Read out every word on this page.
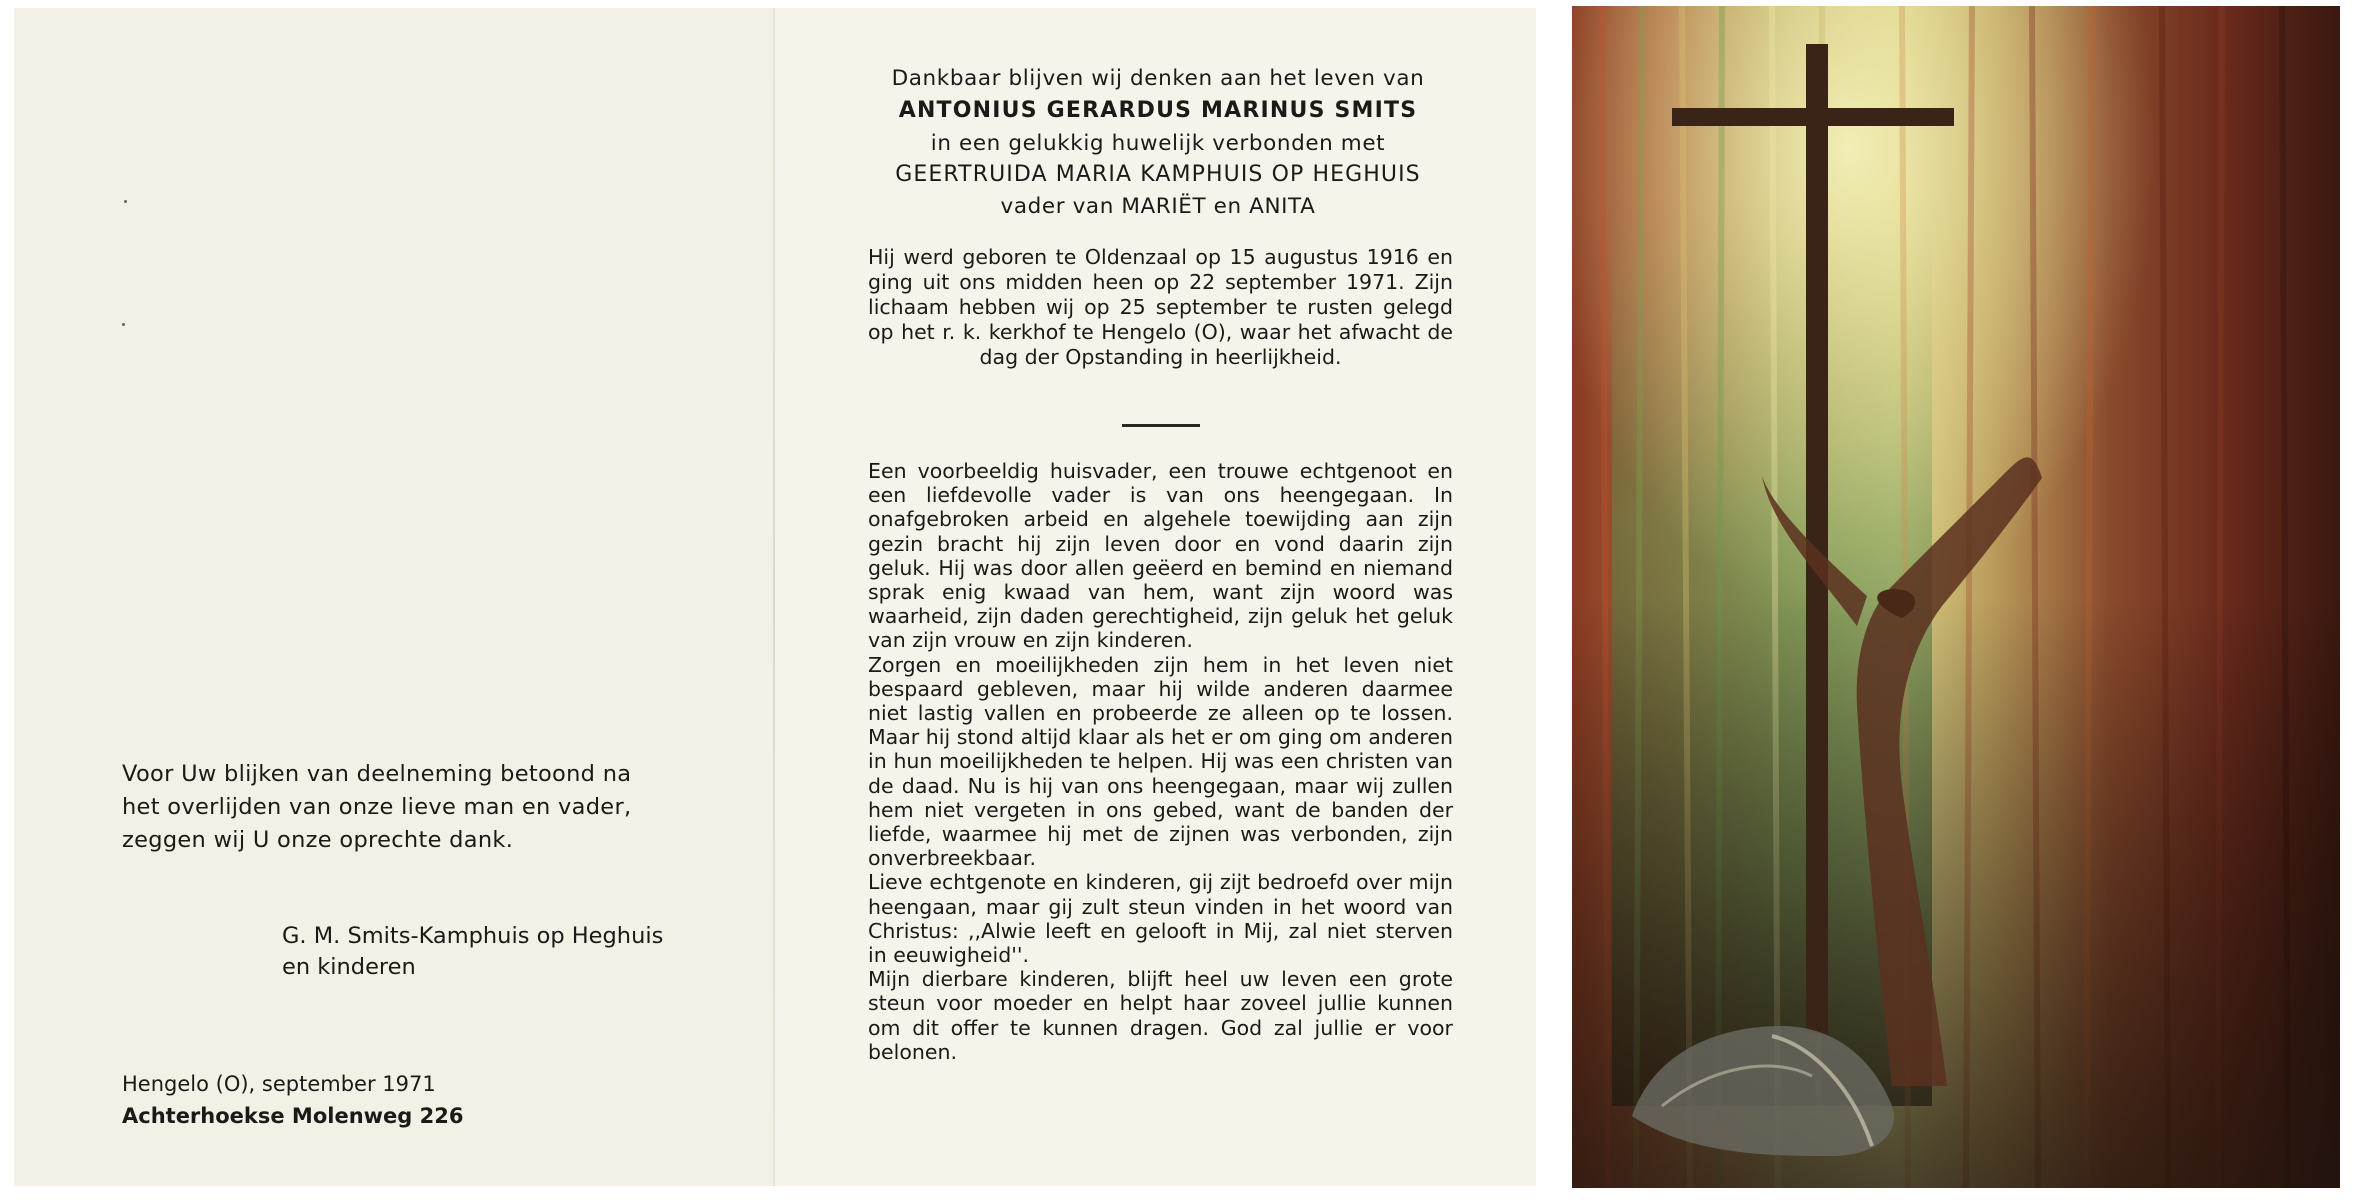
Voor Uw blijken van deelneming betoond na
het overlijden van onze lieve man en vader,
zeggen wij U onze oprechte dank.
G. M. Smits-Kamphuis op Heghuis
en kinderen
Hengelo (O), september 1971
Achterhoekse Molenweg 226
Dankbaar blijven wij denken aan het leven van
ANTONIUS GERARDUS MARINUS SMITS
in een gelukkig huwelijk verbonden met
GEERTRUIDA MARIA KAMPHUIS OP HEGHUIS
vader van MARIËT en ANITA
Hij werd geboren te Oldenzaal op 15 augustus 1916 en ging uit ons midden heen op 22 september 1971. Zijn lichaam hebben wij op 25 september te rusten gelegd op het r. k. kerkhof te Hengelo (O), waar het afwacht de dag der Opstanding in heerlijkheid.

Een voorbeeldig huisvader, een trouwe echtgenoot en een liefdevolle vader is van ons heengegaan. In onafgebroken arbeid en algehele toewijding aan zijn gezin bracht hij zijn leven door en vond daarin zijn geluk. Hij was door allen geëerd en bemind en niemand sprak enig kwaad van hem, want zijn woord was waarheid, zijn daden gerechtigheid, zijn geluk het geluk van zijn vrouw en zijn kinderen.

Zorgen en moeilijkheden zijn hem in het leven niet bespaard gebleven, maar hij wilde anderen daarmee niet lastig vallen en probeerde ze alleen op te lossen. Maar hij stond altijd klaar als het er om ging om anderen in hun moeilijkheden te helpen. Hij was een christen van de daad. Nu is hij van ons heengegaan, maar wij zullen hem niet vergeten in ons gebed, want de banden der liefde, waarmee hij met de zijnen was verbonden, zijn onverbreekbaar.

Lieve echtgenote en kinderen, gij zijt bedroefd over mijn heengaan, maar gij zult steun vinden in het woord van Christus: ,,Alwie leeft en gelooft in Mij, zal niet sterven in eeuwigheid''.

Mijn dierbare kinderen, blijft heel uw leven een grote steun voor moeder en helpt haar zoveel jullie kunnen om dit offer te kunnen dragen. God zal jullie er voor belonen.
